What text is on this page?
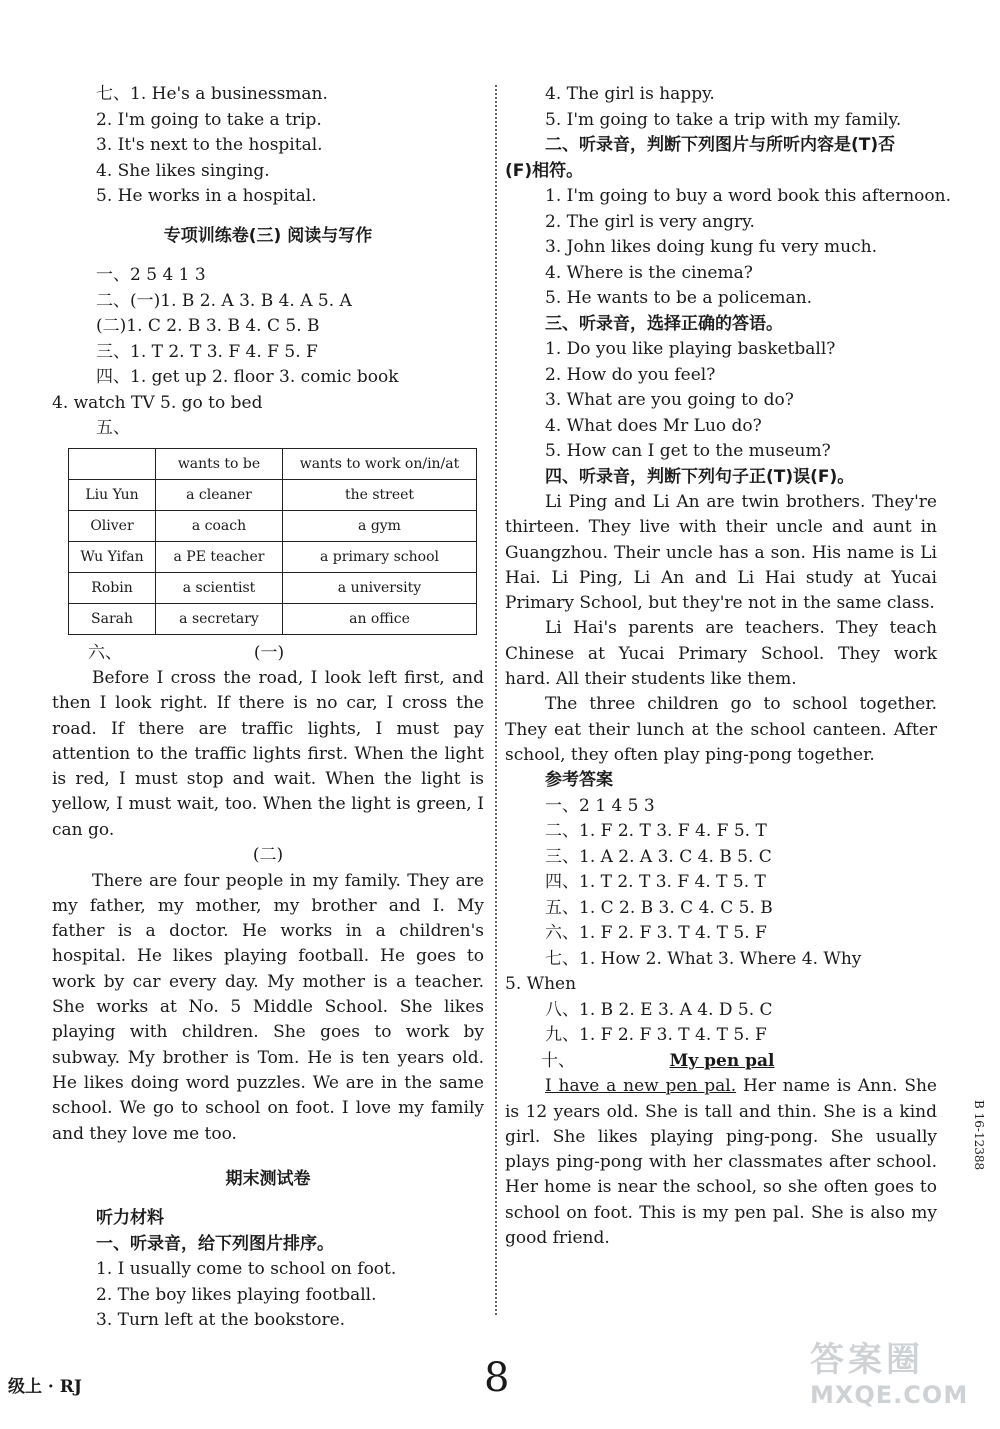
七、1. He's a businessman.
2. I'm going to take a trip.
3. It's next to the hospital.
4. She likes singing.
5. He works in a hospital.
专项训练卷(三) 阅读与写作
一、2 5 4 1 3
二、(一)1. B 2. A 3. B 4. A 5. A
(二)1. C 2. B 3. B 4. C 5. B
三、1. T 2. T 3. F 4. F 5. F
四、1. get up 2. floor 3. comic book
4. watch TV 5. go to bed
五、
	wants to be	wants to work on/in/at
Liu Yun	a cleaner	the street
Oliver	a coach	a gym
Wu Yifan	a PE teacher	a primary school
Robin	a scientist	a university
Sarah	a secretary	an office
六、	(一)

Before I cross the road, I look left first, and then I look right. If there is no car, I cross the road. If there are traffic lights, I must pay attention to the traffic lights first. When the light is red, I must stop and wait. When the light is yellow, I must wait, too. When the light is green, I can go.

(二)

There are four people in my family. They are my father, my mother, my brother and I. My father is a doctor. He works in a children's hospital. He likes playing football. He goes to work by car every day. My mother is a teacher. She works at No. 5 Middle School. She likes playing with children. She goes to work by subway. My brother is Tom. He is ten years old. He likes doing word puzzles. We are in the same school. We go to school on foot. I love my family and they love me too.

期末测试卷
听力材料
一、听录音，给下列图片排序。
1. I usually come to school on foot.
2. The boy likes playing football.
3. Turn left at the bookstore.
4. The girl is happy.
5. I'm going to take a trip with my family.
二、听录音，判断下列图片与所听内容是(T)否
(F)相符。
1. I'm going to buy a word book this afternoon.
2. The girl is very angry.
3. John likes doing kung fu very much.
4. Where is the cinema?
5. He wants to be a policeman.
三、听录音，选择正确的答语。
1. Do you like playing basketball?
2. How do you feel?
3. What are you going to do?
4. What does Mr Luo do?
5. How can I get to the museum?
四、听录音，判断下列句子正(T)误(F)。

Li Ping and Li An are twin brothers. They're thirteen. They live with their uncle and aunt in Guangzhou. Their uncle has a son. His name is Li Hai. Li Ping, Li An and Li Hai study at Yucai Primary School, but they're not in the same class.

Li Hai's parents are teachers. They teach Chinese at Yucai Primary School. They work hard. All their students like them.

The three children go to school together. They eat their lunch at the school canteen. After school, they often play ping-pong together.

参考答案
一、2 1 4 5 3
二、1. F 2. T 3. F 4. F 5. T
三、1. A 2. A 3. C 4. B 5. C
四、1. T 2. T 3. F 4. T 5. T
五、1. C 2. B 3. C 4. C 5. B
六、1. F 2. F 3. T 4. T 5. F
七、1. How 2. What 3. Where 4. Why
5. When
八、1. B 2. E 3. A 4. D 5. C
九、1. F 2. F 3. T 4. T 5. F
十、	My pen pal

I have a new pen pal. Her name is Ann. She is 12 years old. She is tall and thin. She is a kind girl. She likes playing ping-pong. She usually plays ping-pong with her classmates after school. Her home is near the school, so she often goes to school on foot. This is my pen pal. She is also my good friend.

级上 · RJ	8
B 16-12388
答案圈
MXQE.COM
